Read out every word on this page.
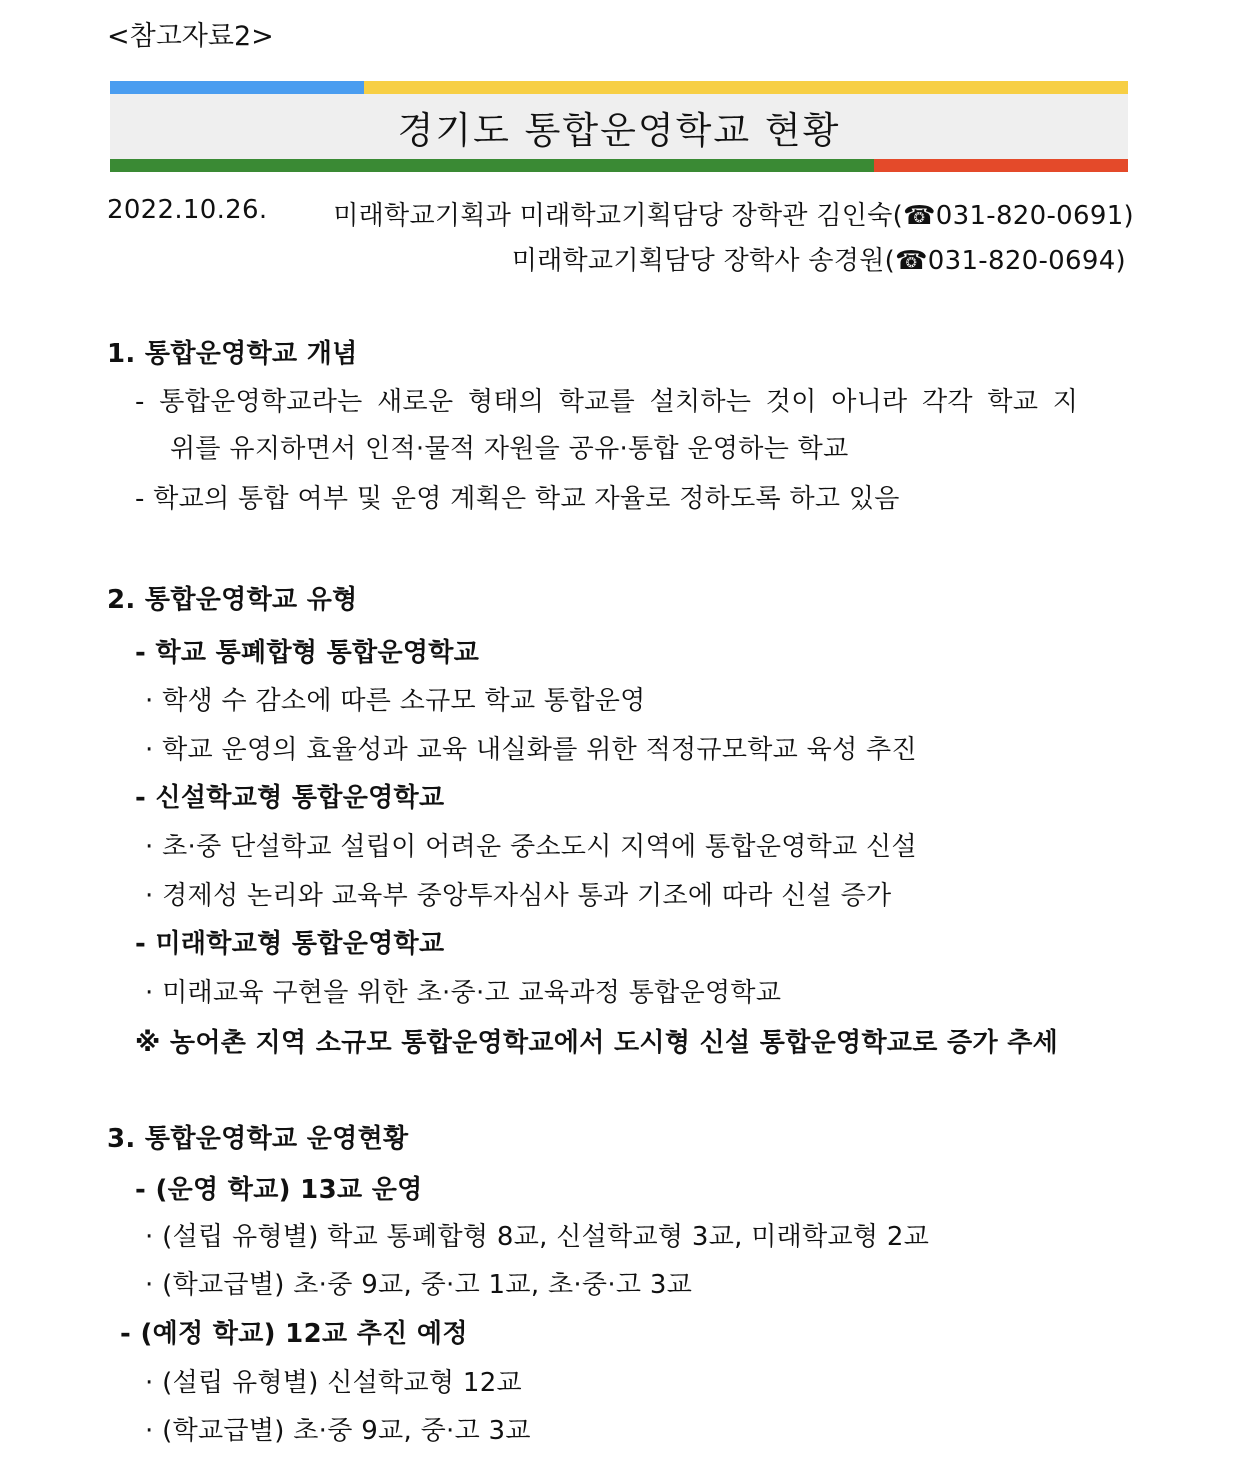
<참고자료2>
경기도 통합운영학교 현황
2022.10.26.	미래학교기획과 미래학교기획담당 장학관 김인숙(☎031-820-0691)
미래학교기획담당 장학사 송경원(☎031-820-0694)
1. 통합운영학교 개념
- 통합운영학교라는 새로운 형태의 학교를 설치하는 것이 아니라 각각 학교 지
위를 유지하면서 인적·물적 자원을 공유·통합 운영하는 학교
- 학교의 통합 여부 및 운영 계획은 학교 자율로 정하도록 하고 있음
2. 통합운영학교 유형
- 학교 통폐합형 통합운영학교
· 학생 수 감소에 따른 소규모 학교 통합운영
· 학교 운영의 효율성과 교육 내실화를 위한 적정규모학교 육성 추진
- 신설학교형 통합운영학교
· 초·중 단설학교 설립이 어려운 중소도시 지역에 통합운영학교 신설
· 경제성 논리와 교육부 중앙투자심사 통과 기조에 따라 신설 증가
- 미래학교형 통합운영학교
· 미래교육 구현을 위한 초·중·고 교육과정 통합운영학교
※ 농어촌 지역 소규모 통합운영학교에서 도시형 신설 통합운영학교로 증가 추세
3. 통합운영학교 운영현황
- (운영 학교) 13교 운영
· (설립 유형별) 학교 통폐합형 8교, 신설학교형 3교, 미래학교형 2교
· (학교급별) 초·중 9교, 중·고 1교, 초·중·고 3교
- (예정 학교) 12교 추진 예정
· (설립 유형별) 신설학교형 12교
· (학교급별) 초·중 9교, 중·고 3교
